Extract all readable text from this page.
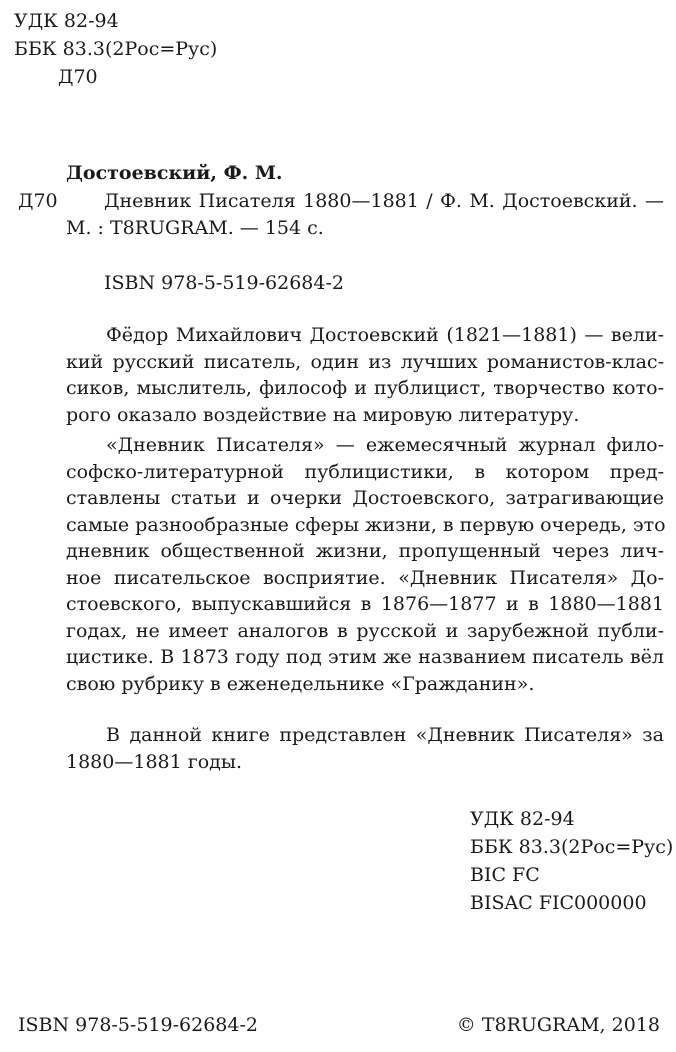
УДК 82-94
ББК 83.3(2Рос=Рус)
Д70
Достоевский, Ф. М.
Д70 Дневник Писателя 1880—1881 / Ф. М. Достоевский. —
М. : T8RUGRAM. — 154 с.
ISBN 978-5-519-62684-2
Фёдор Михайлович Достоевский (1821—1881) — вели-
кий русский писатель, один из лучших романистов-клас-
сиков, мыслитель, философ и публицист, творчество кото-
рого оказало воздействие на мировую литературу.
«Дневник Писателя» — ежемесячный журнал фило-
софско-литературной публицистики, в котором пред-
ставлены статьи и очерки Достоевского, затрагивающие
самые разнообразные сферы жизни, в первую очередь, это
дневник общественной жизни, пропущенный через лич-
ное писательское восприятие. «Дневник Писателя» До-
стоевского, выпускавшийся в 1876—1877 и в 1880—1881
годах, не имеет аналогов в русской и зарубежной публи-
цистике. В 1873 году под этим же названием писатель вёл
свою рубрику в еженедельнике «Гражданин».
В данной книге представлен «Дневник Писателя» за
1880—1881 годы.
УДК 82-94
ББК 83.3(2Рос=Рус)
BIC FC
BISAC FIC000000
ISBN 978-5-519-62684-2	© T8RUGRAM, 2018
